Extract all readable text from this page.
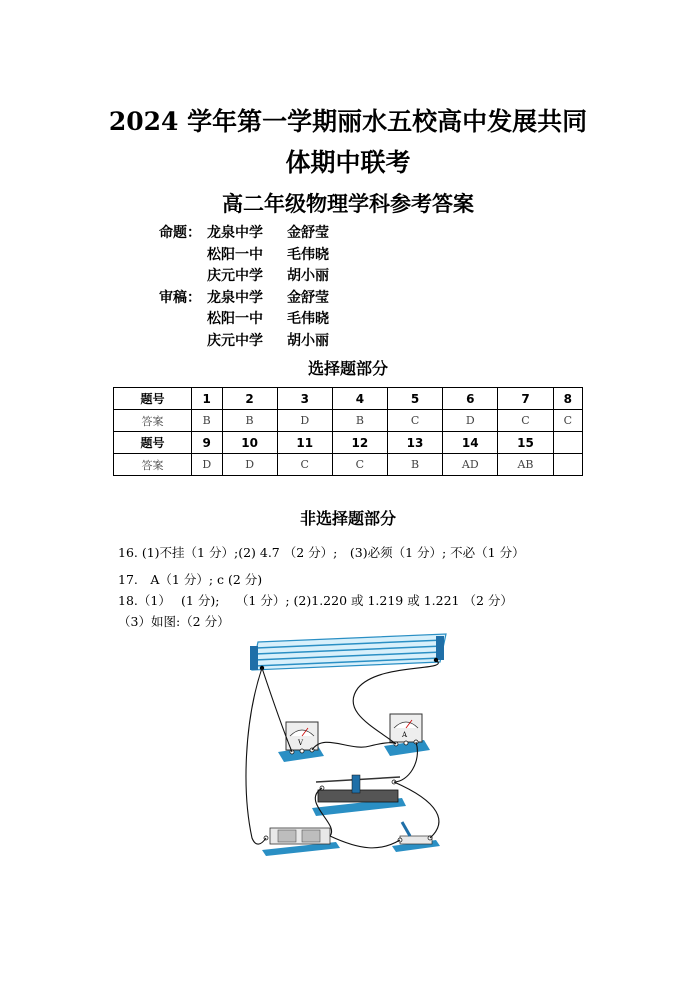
2024 学年第一学期丽水五校高中发展共同
体期中联考
高二年级物理学科参考答案
命题： 龙泉中学 金舒莹
松阳一中 毛伟晓
庆元中学 胡小丽
审稿： 龙泉中学 金舒莹
松阳一中 毛伟晓
庆元中学 胡小丽
选择题部分
题号	1	2	3	4	5	6	7	8
答案	B	B	D	B	C	D	C	C
题号	9	10	11	12	13	14	15	
答案	D	D	C	C	B	AD	AB	
非选择题部分
16. (1)不挂（1 分）;(2) 4.7 （2 分）;　(3)必须（1 分）; 不必（1 分）
17.　A（1 分）; c (2 分)
18.（1）　 (1 分);　 （1 分）; (2)1.220 或 1.219 或 1.221 （2 分）
（3）如图:（2 分）
V
A
